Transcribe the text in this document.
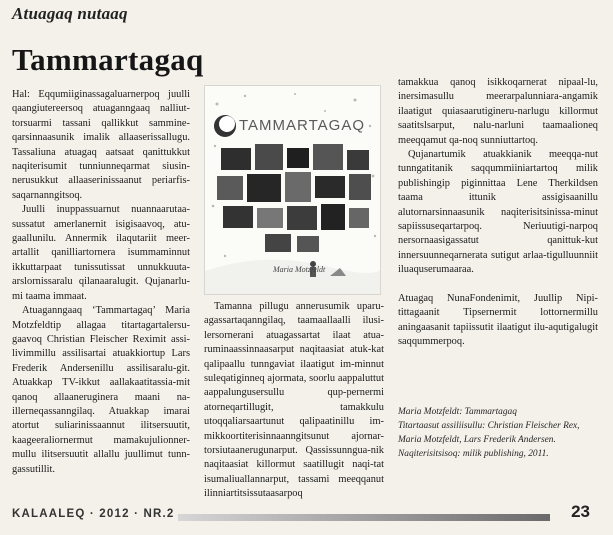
Atuagaq nutaaq
Tammartagaq

Hal: Eqqumiiginassagaluarnerpoq juulli qaangiutereersoq atuaganngaaq nalliut-torsuarmi tassani qallikkut sammine-qarsinnaasunik imalik allaaserissallugu. Tassaliuna atuagaq aatsaat qanittukkut naqiterisumit tunniunneqarmat siusin-nerusukkut allaaserinissaanut periarfis-saqarnanngitsoq.

Juulli inuppassuarnut nuannaarutaa-sussatut amerlanernit isigisaavoq, atu-gaallunilu. Annermik ilaqutariit meer-artallit qanilliartornera isummaminnut ikkuttarpaat tunissutissat unnukkuuta-arslornissaralu qilanaaralugit. Qujanarlu-mi taama immaat.

Atuaganngaaq ‘Tammartagaq’ Maria Motzfeldtip allagaa titartagartalersu-gaavoq Christian Fleischer Reximit assi-livimmillu assilisartai atuakkiortup Lars Frederik Andersenillu assilisaralu-git. Atuakkap TV-ikkut aallakaatitassia-mit qanoq allaaneruginera maani na-illerneqassanngilaq. Atuakkap imarai atortut suliarinissaannut ilitsersuutit, kaageeraliornermut mamakujulionner-mullu ilitsersuutit allallu juullimut tunn-gassutillit.

TAMMARTAGAQ
Maria Motzfeldt

Tamanna pillugu annerusumik uparu-agassartaqanngilaq, taamaallaalli ilusi-lersornerani atuagassartat ilaat atua-ruminaassinnaasarput naqitaasiat atuk-kat qalipaallu tunngaviat ilaatigut im-minnut suleqatiginneq ajormata, soorlu aappaluttut aappalungusersullu qup-pernermi atorneqartillugit, tamakkulu utoqqaliarsaartunut qalipaatinillu im-mikkoortiterisinnaanngitsunut ajornar-torsiutaanerugunarput. Qassissunngua-nik naqitaasiat killormut saatillugit naqi-tat isumaliuallannarput, tassami meeqqanut ilinniartitsissutaasarpoq

tamakkua qanoq isikkoqarnerat nipaal-lu, inersimasullu meerarpalunniara-angamik ilaatigut quiasaarutigineru-narlugu killormut saatitslsarput, nalu-narluni taamaalioneq meeqqamut qa-noq sunniuttartoq.

Qujanartumik atuakkianik meeqqa-nut tunngatitanik saqqummiiniartartoq milik publishingip piginnittaa Lene Therkildsen taama ittunik assigisaanillu alutornarsinnaasunik naqiterisitsinissa-minut sapiissuseqartarpoq. Neriuutigi-narpoq nersornaasigassatut qanittuk-kut innersuunneqarnerata sutigut arlaa-tigulluunniit iluaquserumaaraa.

Atuagaq NunaFondenimit, Juullip Nipi-tittagaanit Tipsernermit lottornermillu aningaasanit tapiissutit ilaatigut ilu-aqutigalugit saqqummerpoq.

Maria Motzfeldt: Tammartagaq
Titartaasut assiliisullu: Christian Fleischer Rex,
Maria Motzfeldt, Lars Frederik Andersen.
Naqiterisitsisoq: milik publishing, 2011.
KALAALEQ · 2012 · NR.2	23
